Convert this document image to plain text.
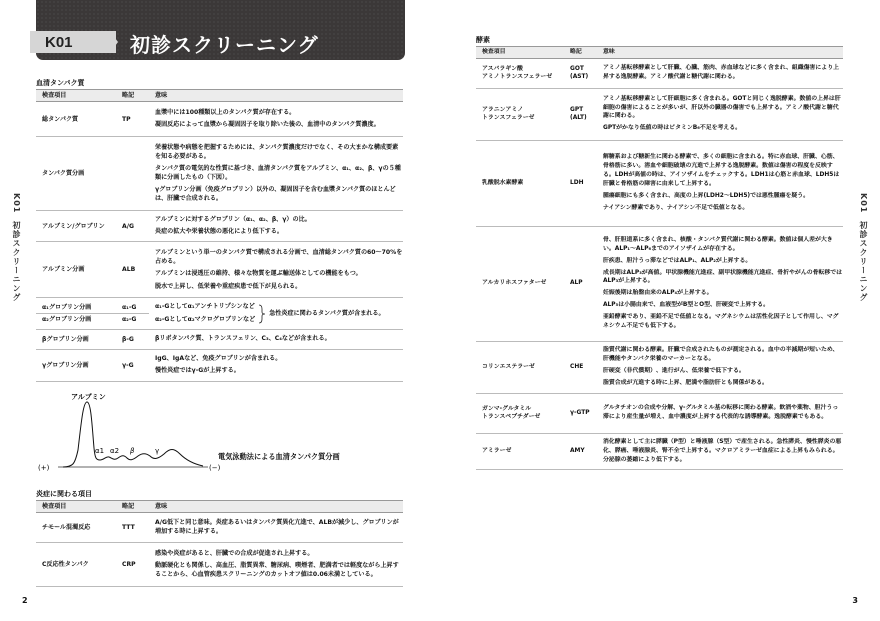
K01	初診スクリーニング
K01  初診スクリーニング
血清タンパク質
検査項目	略記	意味
総タンパク質	TP	

血漿中には100種類以上のタンパク質が存在する。

凝固反応によって血漿から凝固因子を取り除いた後の、血清中のタンパク質濃度。

タンパク質分画		

栄養状態や病態を把握するためには、タンパク質濃度だけでなく、その大まかな構成要素を知る必要がある。

タンパク質の電気的な性質に基づき、血清タンパク質をアルブミン、α₁、α₂、β、γの５種類に分画したもの（下図）。

γグロブリン分画（免疫グロブリン）以外の、凝固因子を含む血漿タンパク質のほとんどは、肝臓で合成される。

アルブミン/グロブリン	A/G	

アルブミンに対するグロブリン（α₁、α₂、β、γ）の比。

炎症の拡大や栄養状態の悪化により低下する。

アルブミン分画	ALB	

アルブミンという単一のタンパク質で構成される分画で、血清総タンパク質の60〜70%を占める。

アルブミンは浸透圧の維持、様々な物質を運ぶ輸送体としての機能をもつ。

脱水で上昇し、低栄養や重症疾患で低下が見られる。

α₁グロブリン分画	α₁-G	α₁-Gとしてα₁アンチトリプシンなど

α₂-Gとしてα₂マクログロブリンなど

急性炎症に関わるタンパク質が含まれる。

α₂グロブリン分画	α₂-G
βグロブリン分画	β-G	βリポタンパク質、トランスフェリン、C₃、C₄などが含まれる。

γグロブリン分画	γ-G	

IgG、IgAなど、免疫グロブリンが含まれる。

慢性炎症ではγ-Gが上昇する。

アルブミン
α1 α2 β	γ
(+)	(−)
電気泳動法による血清タンパク質分画
炎症に関わる項目
検査項目	略記	意味
チモール混濁反応	TTT	

A/G低下と同じ意味。炎症あるいはタンパク質異化亢進で、ALBが減少し、グロブリンが増加する時に上昇する。

C反応性タンパク	CRP	

感染や炎症があると、肝臓での合成が促進され上昇する。

動脈硬化とも関係し、高血圧、脂質異常、糖尿病、喫煙者、肥満者では軽度ながら上昇することから、心血管疾患スクリーニングのカットオフ値は0.06未満としている。

2
K01  初診スクリーニング
酵素
検査項目	略記	意味
アスパラギン酸
アミノトランスフェラーゼ	GOT
(AST)	

アミノ基転移酵素として肝臓、心臓、筋肉、赤血球などに多く含まれ、組織傷害により上昇する逸脱酵素。アミノ酸代謝と糖代謝に関わる。

アラニンアミノ
トランスフェラーゼ	GPT
(ALT)	

アミノ基転移酵素として肝細胞に多く含まれる。GOTと同じく逸脱酵素。数値の上昇は肝細胞の傷害によることが多いが、肝以外の臓器の傷害でも上昇する。アミノ酸代謝と糖代謝に関わる。

GPTがかなり低値の時はビタミンB₆不足を考える。

乳酸脱水素酵素	LDH	

解糖系および糖新生に関わる酵素で、多くの細胞に含まれる。特に赤血球、肝臓、心筋、骨格筋に多い。溶血や細胞破壊の亢進で上昇する逸脱酵素。数値は傷害の程度を反映する。LDHが高値の時は、アイソザイムをチェックする。LDH1は心筋と赤血球、LDH5は肝臓と骨格筋の障害に由来して上昇する。

腫瘍細胞にも多く含まれ、高度の上昇(LDH2〜LDH5)では悪性腫瘍を疑う。

ナイアシン酵素であり、ナイアシン不足で低値となる。

アルカリホスファターゼ	ALP	

骨、肝胆道系に多く含まれ、核酸・タンパク質代謝に関わる酵素。数値は個人差が大きい。ALP₁〜ALP₆までのアイソザイムが存在する。

肝疾患、胆汁うっ滞などではALP₁、ALP₂が上昇する。

成長期はALP₃が高値。甲状腺機能亢進症、副甲状腺機能亢進症、骨折やがんの骨転移ではALP₃が上昇する。

妊娠後期は胎盤由来のALP₄が上昇する。

ALP₅は小腸由来で、血液型がB型とO型、肝硬変で上昇する。

亜鉛酵素であり、亜鉛不足で低値となる。マグネシウムは活性化因子として作用し、マグネシウム不足でも低下する。

コリンエステラーゼ	CHE	

脂質代謝に関わる酵素。肝臓で合成されたものが測定される。血中の半減期が短いため、肝機能やタンパク栄養のマーカーとなる。

肝硬変（非代償期）、進行がん、低栄養で低下する。

脂質合成が亢進する時に上昇、肥満や脂肪肝とも関係がある。

ガンマ-グルタミル
トランスペプチダーゼ	γ-GTP	

グルタチオンの合成や分解、γ-グルタミル基の転移に関わる酵素。飲酒や薬物、胆汁うっ滞により産生量が増え、血中濃度が上昇する代表的な誘導酵素。逸脱酵素でもある。

アミラーゼ	AMY	

消化酵素として主に膵臓（P型）と唾液腺（S型）で産生される。急性膵炎、慢性膵炎の悪化、膵癌、唾液腺炎、腎不全で上昇する。マクロアミラーゼ血症による上昇もみられる。分泌腺の萎縮により低下する。

3
